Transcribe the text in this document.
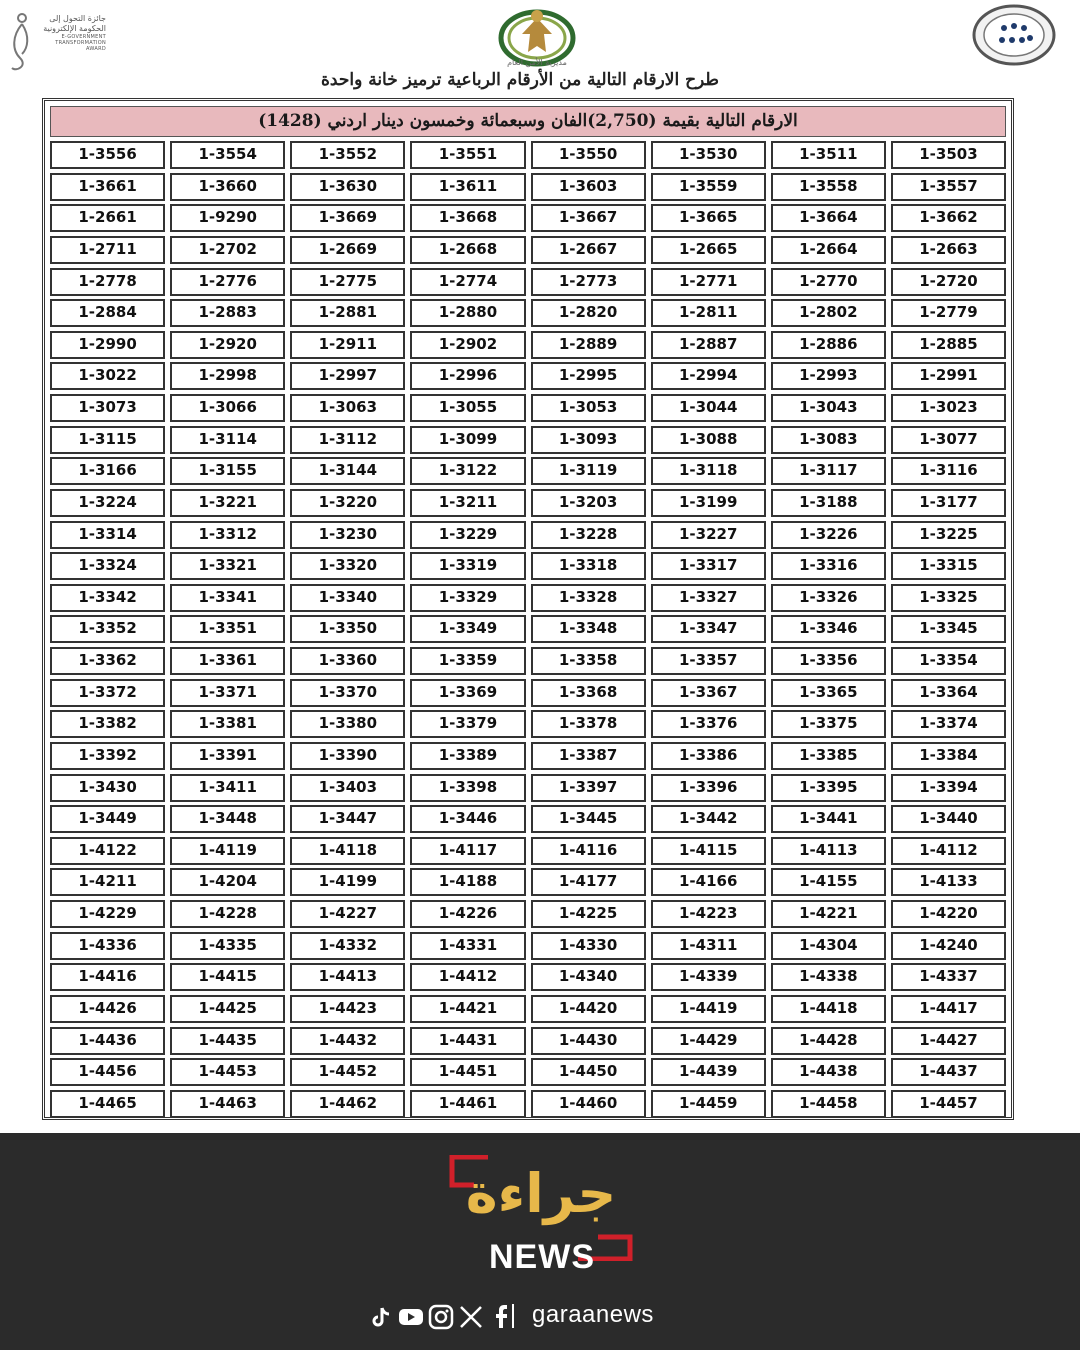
جائزة التحول إلى الحكومة الإلكترونية
E-GOVERNMENT TRANSFORMATION AWARD
مديرية الأمن العام
طرح الارقام التالية من الأرقام الرباعية ترميز خانة واحدة
الارقام التالية بقيمة (2,750)الفان وسبعمائة وخمسون دينار اردني (1428)
1-3556	1-3554	1-3552	1-3551	1-3550	1-3530	1-3511	1-3503
1-3661	1-3660	1-3630	1-3611	1-3603	1-3559	1-3558	1-3557
1-2661	1-9290	1-3669	1-3668	1-3667	1-3665	1-3664	1-3662
1-2711	1-2702	1-2669	1-2668	1-2667	1-2665	1-2664	1-2663
1-2778	1-2776	1-2775	1-2774	1-2773	1-2771	1-2770	1-2720
1-2884	1-2883	1-2881	1-2880	1-2820	1-2811	1-2802	1-2779
1-2990	1-2920	1-2911	1-2902	1-2889	1-2887	1-2886	1-2885
1-3022	1-2998	1-2997	1-2996	1-2995	1-2994	1-2993	1-2991
1-3073	1-3066	1-3063	1-3055	1-3053	1-3044	1-3043	1-3023
1-3115	1-3114	1-3112	1-3099	1-3093	1-3088	1-3083	1-3077
1-3166	1-3155	1-3144	1-3122	1-3119	1-3118	1-3117	1-3116
1-3224	1-3221	1-3220	1-3211	1-3203	1-3199	1-3188	1-3177
1-3314	1-3312	1-3230	1-3229	1-3228	1-3227	1-3226	1-3225
1-3324	1-3321	1-3320	1-3319	1-3318	1-3317	1-3316	1-3315
1-3342	1-3341	1-3340	1-3329	1-3328	1-3327	1-3326	1-3325
1-3352	1-3351	1-3350	1-3349	1-3348	1-3347	1-3346	1-3345
1-3362	1-3361	1-3360	1-3359	1-3358	1-3357	1-3356	1-3354
1-3372	1-3371	1-3370	1-3369	1-3368	1-3367	1-3365	1-3364
1-3382	1-3381	1-3380	1-3379	1-3378	1-3376	1-3375	1-3374
1-3392	1-3391	1-3390	1-3389	1-3387	1-3386	1-3385	1-3384
1-3430	1-3411	1-3403	1-3398	1-3397	1-3396	1-3395	1-3394
1-3449	1-3448	1-3447	1-3446	1-3445	1-3442	1-3441	1-3440
1-4122	1-4119	1-4118	1-4117	1-4116	1-4115	1-4113	1-4112
1-4211	1-4204	1-4199	1-4188	1-4177	1-4166	1-4155	1-4133
1-4229	1-4228	1-4227	1-4226	1-4225	1-4223	1-4221	1-4220
1-4336	1-4335	1-4332	1-4331	1-4330	1-4311	1-4304	1-4240
1-4416	1-4415	1-4413	1-4412	1-4340	1-4339	1-4338	1-4337
1-4426	1-4425	1-4423	1-4421	1-4420	1-4419	1-4418	1-4417
1-4436	1-4435	1-4432	1-4431	1-4430	1-4429	1-4428	1-4427
1-4456	1-4453	1-4452	1-4451	1-4450	1-4439	1-4438	1-4437
1-4465	1-4463	1-4462	1-4461	1-4460	1-4459	1-4458	1-4457
جراءة
NEWS
garaanews
